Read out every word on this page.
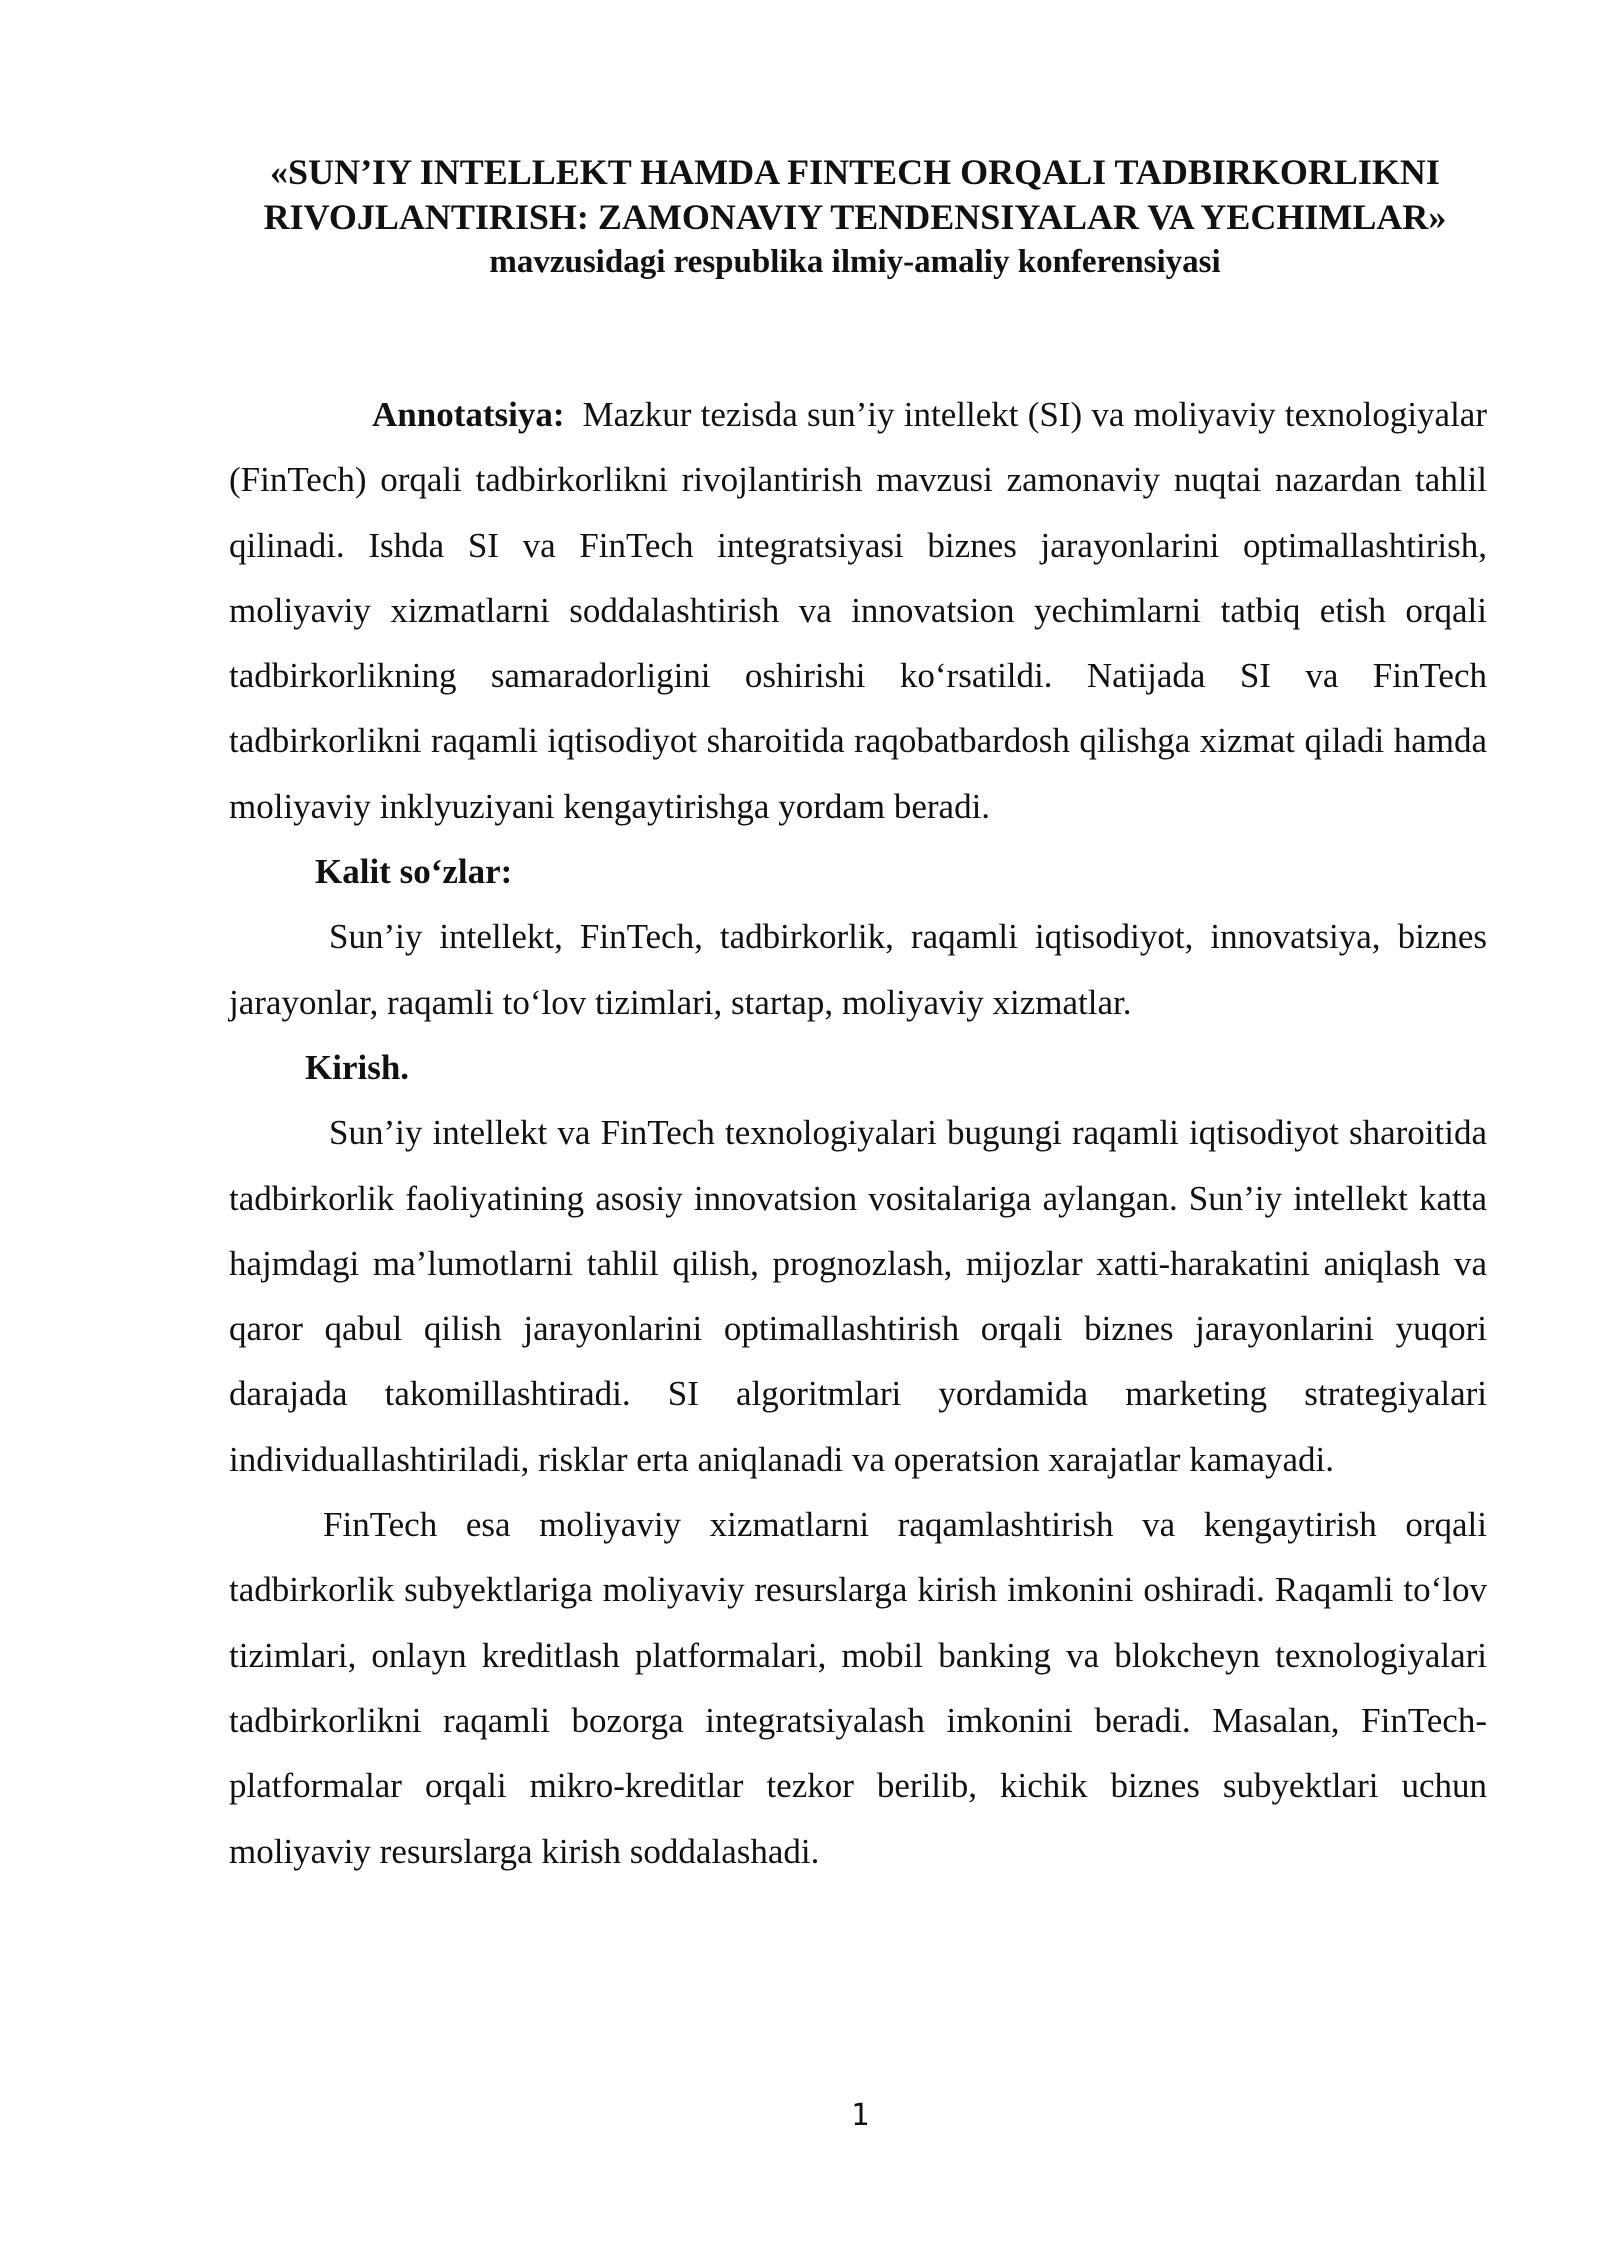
«SUN’IY INTELLEKT HAMDA FINTECH ORQALI TADBIRKORLIKNI

RIVOJLANTIRISH: ZAMONAVIY TENDENSIYALAR VA YECHIMLAR»

mavzusidagi respublika ilmiy-amaliy konferensiyasi

Annotatsiya: Mazkur tezisda sun’iy intellekt (SI) va moliyaviy texnologiyalar (FinTech) orqali tadbirkorlikni rivojlantirish mavzusi zamonaviy nuqtai nazardan tahlil qilinadi. Ishda SI va FinTech integratsiyasi biznes jarayonlarini optimallashtirish, moliyaviy xizmatlarni soddalashtirish va innovatsion yechimlarni tatbiq etish orqali tadbirkorlikning samaradorligini oshirishi ko‘rsatildi. Natijada SI va FinTech tadbirkorlikni raqamli iqtisodiyot sharoitida raqobatbardosh qilishga xizmat qiladi hamda moliyaviy inklyuziyani kengaytirishga yordam beradi.

Kalit so‘zlar:

Sun’iy intellekt, FinTech, tadbirkorlik, raqamli iqtisodiyot, innovatsiya, biznes jarayonlar, raqamli to‘lov tizimlari, startap, moliyaviy xizmatlar.

Kirish.

Sun’iy intellekt va FinTech texnologiyalari bugungi raqamli iqtisodiyot sharoitida tadbirkorlik faoliyatining asosiy innovatsion vositalariga aylangan. Sun’iy intellekt katta hajmdagi ma’lumotlarni tahlil qilish, prognozlash, mijozlar xatti-harakatini aniqlash va qaror qabul qilish jarayonlarini optimallashtirish orqali biznes jarayonlarini yuqori darajada takomillashtiradi. SI algoritmlari yordamida marketing strategiyalari individuallashtiriladi, risklar erta aniqlanadi va operatsion xarajatlar kamayadi.

FinTech esa moliyaviy xizmatlarni raqamlashtirish va kengaytirish orqali tadbirkorlik subyektlariga moliyaviy resurslarga kirish imkonini oshiradi. Raqamli to‘lov tizimlari, onlayn kreditlash platformalari, mobil banking va blokcheyn texnologiyalari tadbirkorlikni raqamli bozorga integratsiyalash imkonini beradi. Masalan, FinTech-platformalar orqali mikro-kreditlar tezkor berilib, kichik biznes subyektlari uchun moliyaviy resurslarga kirish soddalashadi.

1
